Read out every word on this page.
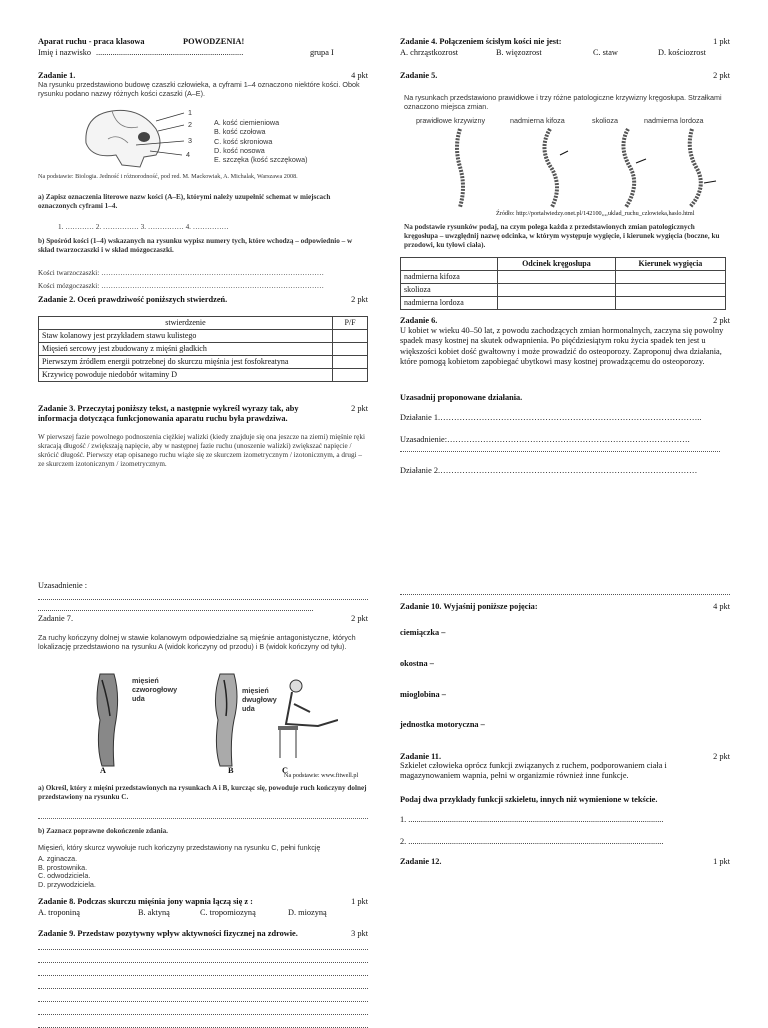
Aparat ruchu - praca klasowa	POWODZENIA!
Imię i nazwisko .......................................................................	grupa I
Zadanie 1.	4 pkt
Na rysunku przedstawiono budowę czaszki człowieka, a cyframi 1–4 oznaczono niektóre kości. Obok rysunku podano nazwy różnych kości czaszki (A–E).
1
2
3
4
A. kość ciemieniowa
B. kość czołowa
C. kość skroniowa
D. kość nosowa
E. szczęka (kość szczękowa)
Na podstawie: Biologia. Jedność i różnorodność, pod red. M. Mackowiak, A. Michalak, Warszawa 2008.
a) Zapisz oznaczenia literowe nazw kości (A–E), którymi należy uzupełnić schemat w miejscach oznaczonych cyframi 1–4.
1. ………… 2. …………… 3. …………… 4. ……………
b) Spośród kości (1–4) wskazanych na rysunku wypisz numery tych, które wchodzą – odpowiednio – w skład twarzoczaszki i w skład mózgoczaszki.
Kości twarzoczaszki: …………………………………………………………………………………
Kości mózgoczaszki: …………………………………………………………………………………
Zadanie 2. Oceń prawdziwość poniższych stwierdzeń.	2 pkt
stwierdzenie	P/F
Staw kolanowy jest przykładem stawu kulistego	
Mięsień sercowy jest zbudowany z mięśni gładkich	
Pierwszym źródłem energii potrzebnej do skurczu mięśnia jest fosfokreatyna	
Krzywicę powoduje niedobór witaminy D	
Zadanie 3. Przeczytaj poniższy tekst, a następnie wykreśl wyrazy tak, aby informacja dotycząca funkcjonowania aparatu ruchu była prawdziwa.
2 pkt
W pierwszej fazie powolnego podnoszenia ciężkiej walizki (kiedy znajduje się ona jeszcze na ziemi) mięśnie ręki skracają długość / zwiększają napięcie, aby w następnej fazie ruchu (unoszenie walizki) zwiększać napięcie / skrócić długość. Pierwszy etap opisanego ruchu wiąże się ze skurczem izometrycznym / izotonicznym, a drugi – ze skurczem izotonicznym / izometrycznym.
Uzasadnienie :
Zadanie 7.	2 pkt
Za ruchy kończyny dolnej w stawie kolanowym odpowiedzialne są mięśnie antagonistyczne, których lokalizację przedstawiono na rysunku A (widok kończyny od przodu) i B (widok kończyny od tyłu).
mięsień czworogłowy uda
mięsień dwugłowy uda
A	B	C
Na podstawie: www.fitwell.pl
a) Określ, który z mięśni przedstawionych na rysunkach A i B, kurcząc się, powoduje ruch kończyny dolnej przedstawiony na rysunku C.
b) Zaznacz poprawne dokończenie zdania.
Mięsień, który skurcz wywołuje ruch kończyny przedstawiony na rysunku C, pełni funkcję
A. zginacza.
B. prostownika.
C. odwodziciela.
D. przywodziciela.
Zadanie 8. Podczas skurczu mięśnia jony wapnia łączą się z :	1 pkt
A. troponiną	B. aktyną	C. tropomiozyną	D. miozyną
Zadanie 9. Przedstaw pozytywny wpływ aktywności fizycznej na zdrowie.	3 pkt
Zadanie 4. Połączeniem ścisłym kości nie jest:	1 pkt
A. chrząstkozrost	B. więzozrost	C. staw	D. kościozrost
Zadanie 5.	2 pkt
Na rysunkach przedstawiono prawidłowe i trzy różne patologiczne krzywizny kręgosłupa. Strzałkami oznaczono miejsca zmian.
prawidłowe krzywizny	nadmierna kifoza	skolioza	nadmierna lordoza
Źródło: http://portalwiedzy.onet.pl/142100,,,,uklad_ruchu_czlowieka,haslo.html
Na podstawie rysunków podaj, na czym polega każda z przedstawionych zmian patologicznych kręgosłupa – uwzględnij nazwę odcinka, w którym występuje wygięcie, i kierunek wygięcia (boczne, ku przodowi, ku tyłowi ciała).
	Odcinek kręgosłupa	Kierunek wygięcia
nadmierna kifoza		
skolioza		
nadmierna lordoza		
Zadanie 6.	2 pkt
U kobiet w wieku 40–50 lat, z powodu zachodzących zmian hormonalnych, zaczyna się powolny spadek masy kostnej na skutek odwapnienia. Po pięćdziesiątym roku życia spadek ten jest u większości kobiet dość gwałtowny i może prowadzić do osteoporozy. Zaproponuj dwa działania, które pomogą kobietom zapobiegać ubytkowi masy kostnej prowadzącemu do osteoporozy.
Uzasadnij proponowane działania.
Działanie 1.…………………………………………………………………………………..
Uzasadnienie:…………………………………………………………………………….
Działanie 2.…………………………………………………………………………………
Zadanie 10. Wyjaśnij poniższe pojęcia:	4 pkt
ciemiączka –
okostna –
mioglobina –
jednostka motoryczna –
Zadanie 11.	2 pkt
Szkielet człowieka oprócz funkcji związanych z ruchem, podporowaniem ciała i magazynowaniem wapnia, pełni w organizmie również inne funkcje.
Podaj dwa przykłady funkcji szkieletu, innych niż wymienione w tekście.
1. ...........................................................................................................................
2. ...........................................................................................................................
Zadanie 12.	1 pkt
